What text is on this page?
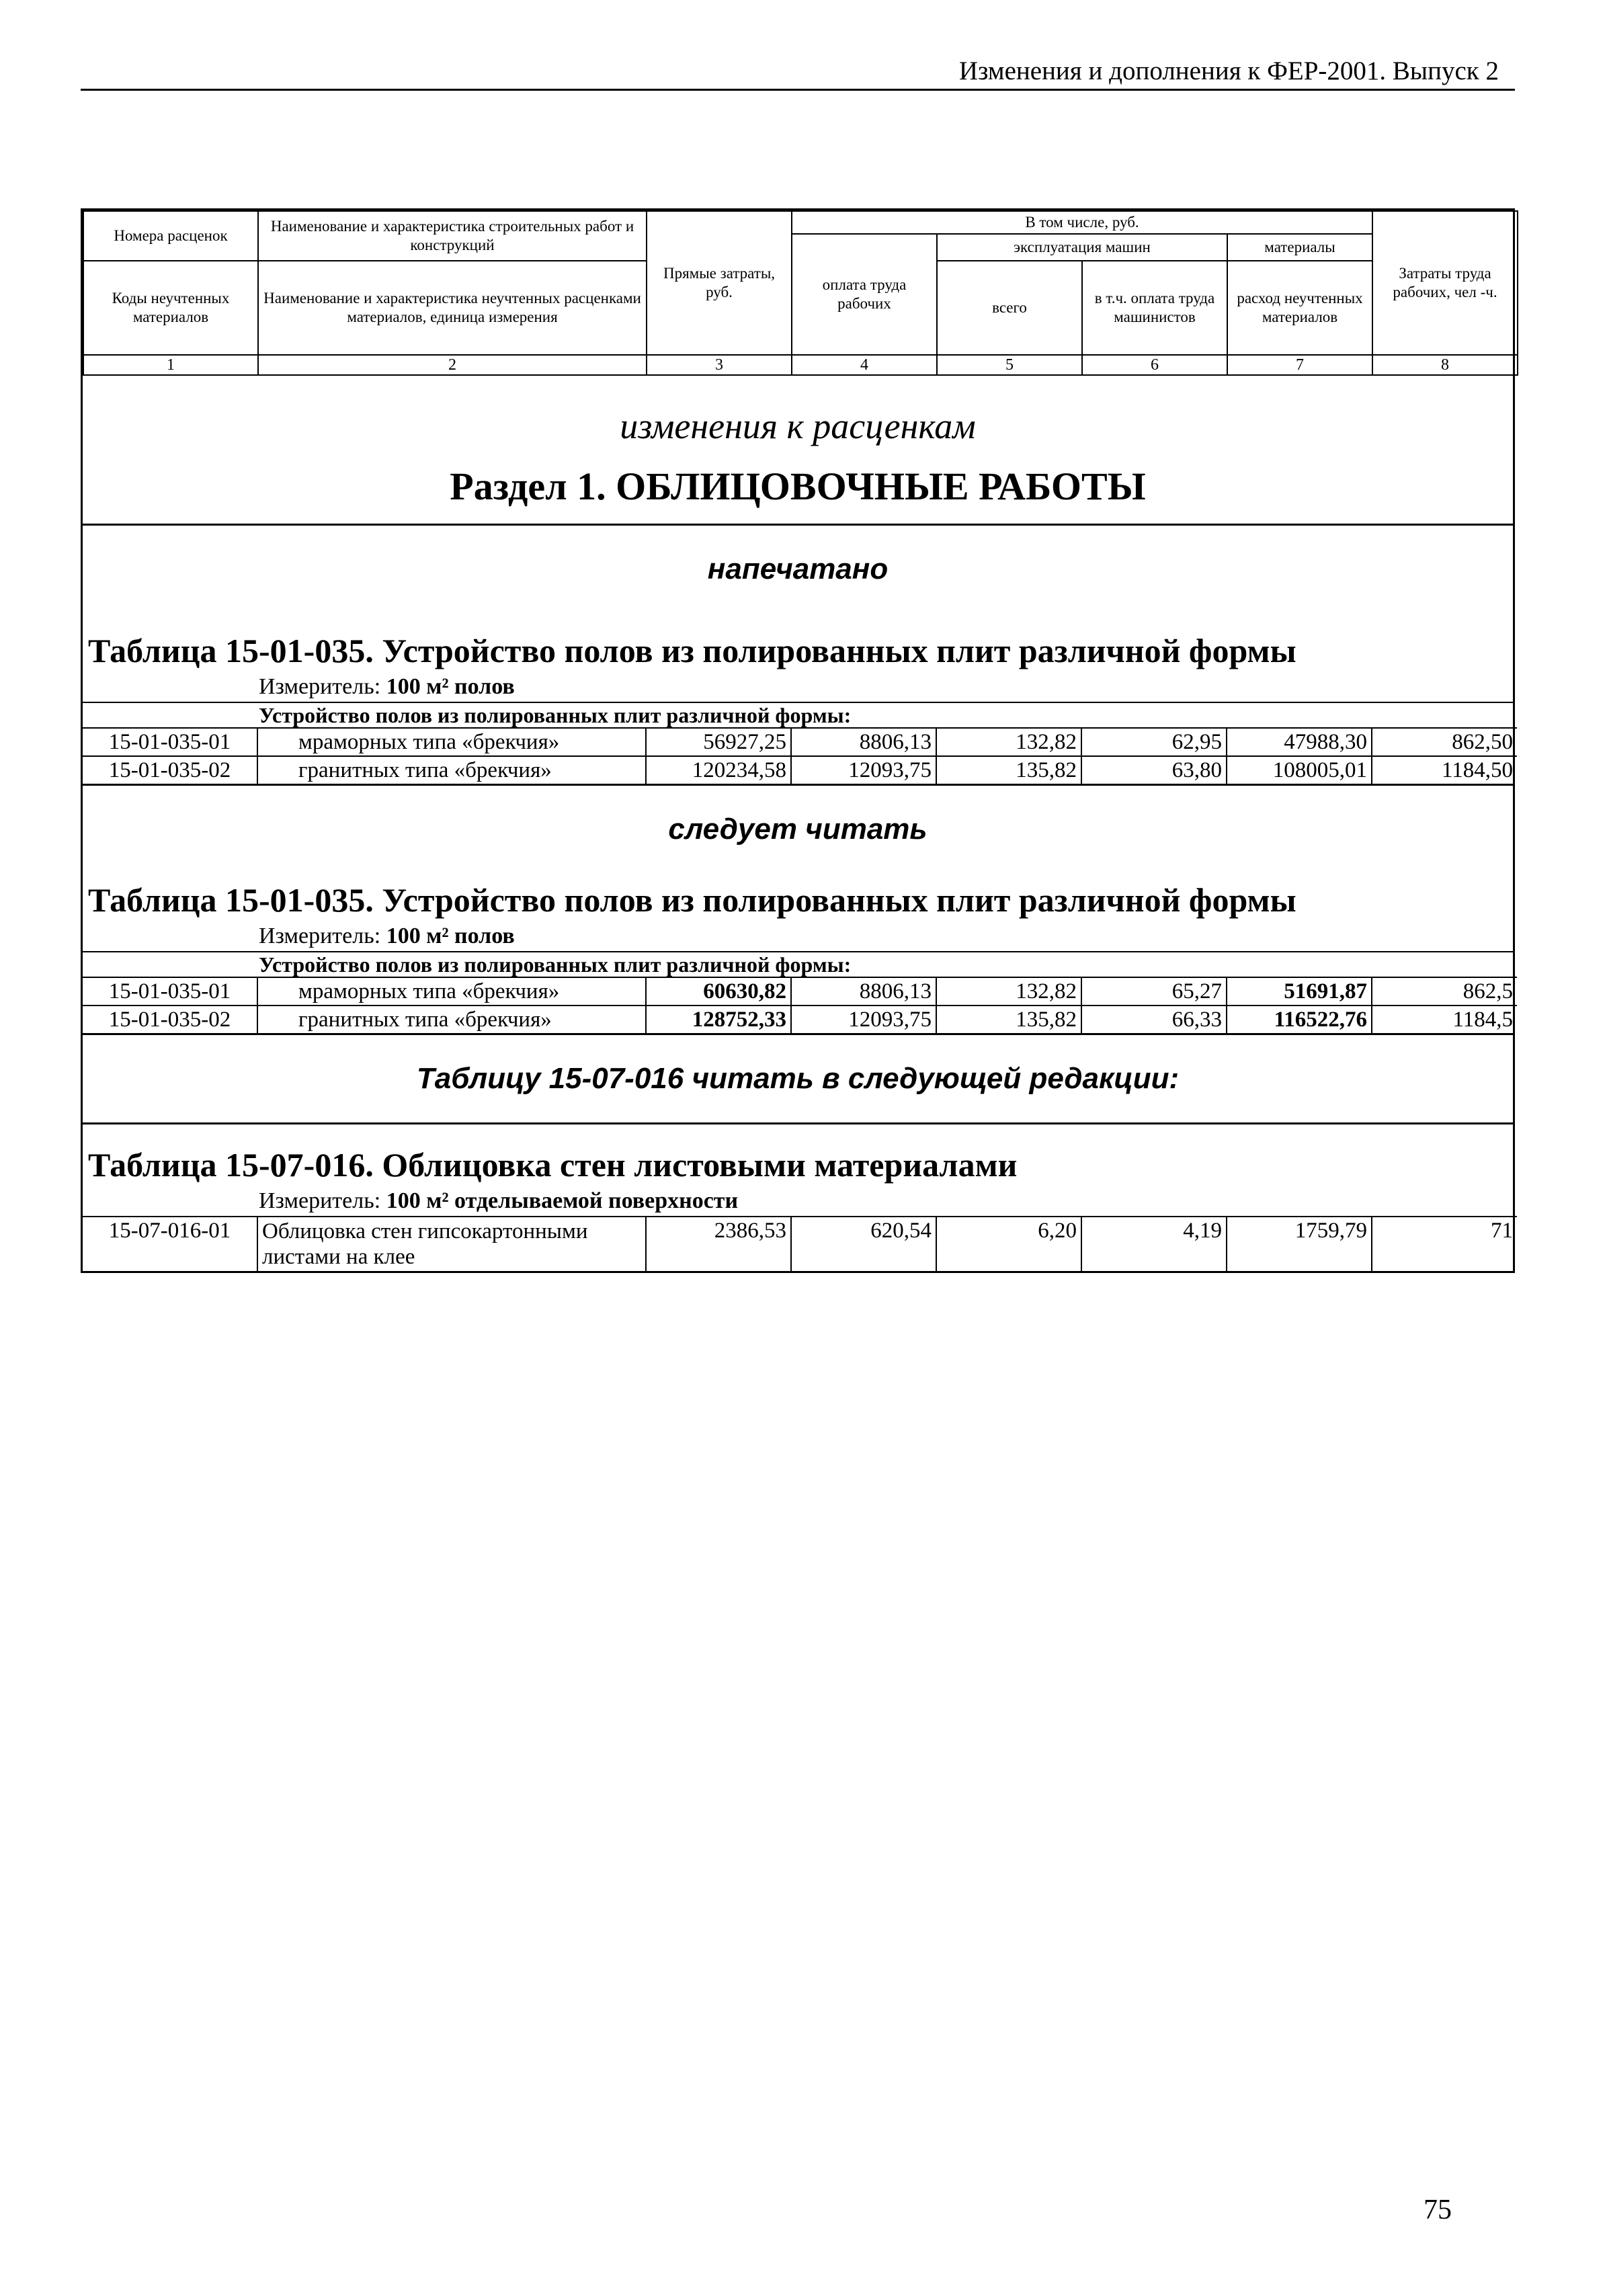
Изменения и дополнения к ФЕР-2001. Выпуск 2
Номера расценок	Наименование и характеристика строительных работ и конструкций	Прямые затраты, руб.	В том числе, руб.				Затраты труда рабочих, чел -ч.
			оплата труда рабочих	эксплуатация машин		материалы	
Коды неучтенных материалов	Наименование и характеристика неучтенных расценками материалов, единица измерения			всего	в т.ч. оплата труда машинистов	расход неучтенных материалов	

1	2	3	4	5	6	7	8
изменения к расценкам
Раздел 1. ОБЛИЦОВОЧНЫЕ РАБОТЫ
напечатано
Таблица 15-01-035. Устройство полов из полированных плит различной формы
Измеритель: 100 м² полов
Устройство полов из полированных плит различной формы:
15-01-035-01	мраморных типа «брекчия»	56927,25	8806,13	132,82	62,95	47988,30	862,50
15-01-035-02	гранитных типа «брекчия»	120234,58	12093,75	135,82	63,80	108005,01	1184,50
следует читать
Таблица 15-01-035. Устройство полов из полированных плит различной формы
Измеритель: 100 м² полов
Устройство полов из полированных плит различной формы:
15-01-035-01	мраморных типа «брекчия»	60630,82	8806,13	132,82	65,27	51691,87	862,5
15-01-035-02	гранитных типа «брекчия»	128752,33	12093,75	135,82	66,33	116522,76	1184,5
Таблицу 15-07-016 читать в следующей редакции:
Таблица 15-07-016. Облицовка стен листовыми материалами
Измеритель: 100 м² отделываемой поверхности
15-07-016-01	Облицовка стен гипсокартонными листами на клее	2386,53	620,54	6,20	4,19	1759,79	71
75
